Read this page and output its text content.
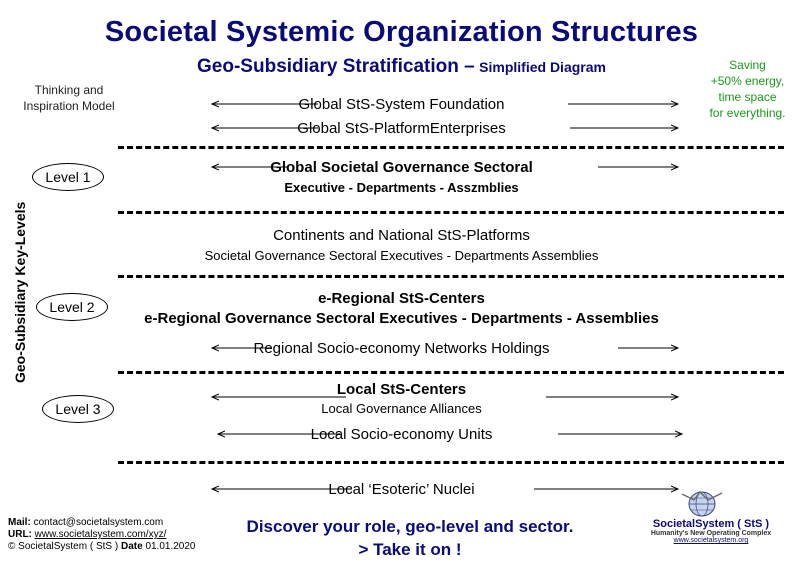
Societal Systemic Organization Structures
Geo-Subsidiary Stratification – Simplified Diagram	Saving
+50% energy,
time space
for everything.
Thinking and
Inspiration Model
Geo-Subsidiary Key-Levels
Level 1
Level 2
Level 3
Global StS-System Foundation
Global StS-PlatformEnterprises
Global Societal Governance Sectoral
Executive - Departments - Asszmblies
Continents and National StS-Platforms
Societal Governance Sectoral Executives - Departments Assemblies
e-Regional StS-Centers
e-Regional Governance Sectoral Executives - Departments - Assemblies
Regional Socio-economy Networks Holdings
Local StS-Centers
Local Governance Alliances
Local Socio-economy Units
Local ‘Esoteric’ Nuclei
Mail: contact@societalsystem.com
URL: www.societalsystem.com/xyz/
© SocietalSystem ( StS ) Date 01.01.2020
Discover your role, geo-level and sector.
> Take it on !
SocietalSystem ( StS )
Humanity's New Operating Complex
www.societalsystem.org
